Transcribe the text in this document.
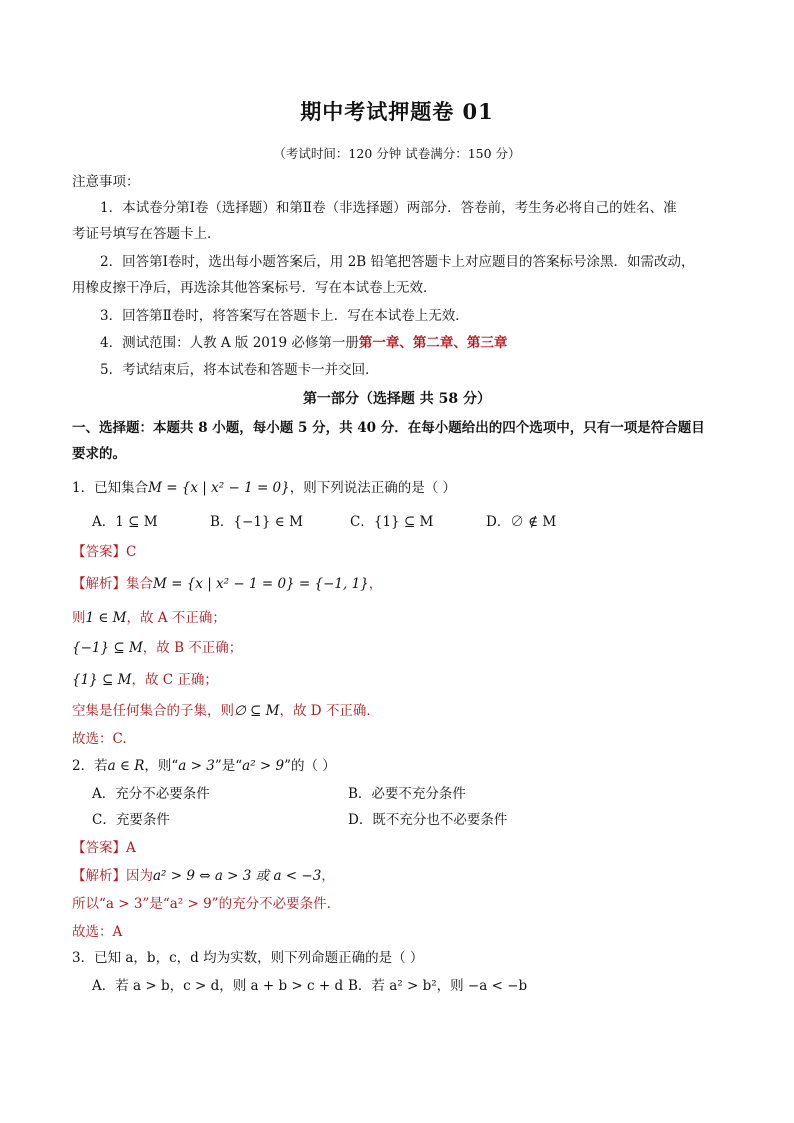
期中考试押题卷 01
（考试时间：120 分钟 试卷满分：150 分）
注意事项：
1．本试卷分第Ⅰ卷（选择题）和第Ⅱ卷（非选择题）两部分．答卷前，考生务必将自己的姓名、准
考证号填写在答题卡上．
2．回答第Ⅰ卷时，选出每小题答案后，用 2B 铅笔把答题卡上对应题目的答案标号涂黑．如需改动，
用橡皮擦干净后，再选涂其他答案标号．写在本试卷上无效．
3．回答第Ⅱ卷时，将答案写在答题卡上．写在本试卷上无效．
4．测试范围：人教 A 版 2019 必修第一册第一章、第二章、第三章
5．考试结束后，将本试卷和答题卡一并交回．
第一部分（选择题 共 58 分）
一、选择题：本题共 8 小题，每小题 5 分，共 40 分．在每小题给出的四个选项中，只有一项是符合题目
要求的。
1．已知集合M = {x | x² − 1 = 0}，则下列说法正确的是（ ）
A．1 ⊆ M	B．{−1} ∈ M	C．{1} ⊆ M	D．∅ ∉ M
【答案】C
【解析】集合M = {x | x² − 1 = 0} = {−1, 1}，
则1 ∈ M，故 A 不正确；
{−1} ⊆ M，故 B 不正确；
{1} ⊆ M，故 C 正确；
空集是任何集合的子集，则∅ ⊆ M，故 D 不正确．
故选：C.
2．若a ∈ R，则“a > 3”是“a² > 9”的（ ）
A．充分不必要条件	B．必要不充分条件
C．充要条件	D．既不充分也不必要条件
【答案】A
【解析】因为a² > 9 ⇔ a > 3 或 a < −3，
所以“a > 3”是“a² > 9”的充分不必要条件.
故选：A
3．已知 a，b，c，d 均为实数，则下列命题正确的是（ ）
A．若 a > b，c > d，则 a + b > c + d B．若 a² > b²，则 −a < −b
